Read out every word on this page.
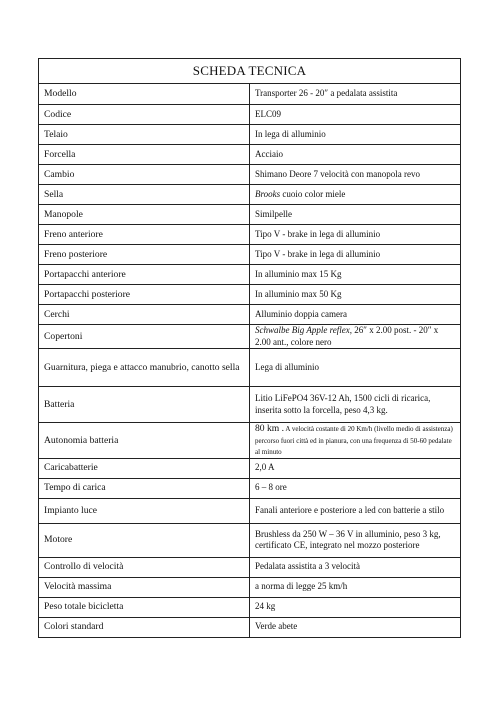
SCHEDA TECNICA	
Modello	Transporter 26 - 20″ a pedalata assistita
Codice	ELC09
Telaio	In lega di alluminio
Forcella	Acciaio
Cambio	Shimano Deore 7 velocità con manopola revo
Sella	Brooks cuoio color miele
Manopole	Similpelle
Freno anteriore	Tipo V - brake in lega di alluminio
Freno posteriore	Tipo V - brake in lega di alluminio
Portapacchi anteriore	In alluminio max 15 Kg
Portapacchi posteriore	In alluminio max 50 Kg
Cerchi	Alluminio doppia camera
Copertoni	Schwalbe Big Apple reflex, 26″ x 2.00 post. - 20″ x 2.00 ant., colore nero
Guarnitura, piega e attacco manubrio, canotto sella	Lega di alluminio
Batteria	Litio LiFePO4 36V-12 Ah, 1500 cicli di ricarica, inserita sotto la forcella, peso 4,3 kg.
Autonomia batteria	80 km . A velocità costante di 20 Km/h (livello medio di assistenza) percorso fuori città ed in pianura, con una frequenza di 50-60 pedalate al minuto
Caricabatterie	2,0 A
Tempo di carica	6 – 8 ore
Impianto luce	Fanali anteriore e posteriore a led con batterie a stilo
Motore	Brushless da 250 W – 36 V in alluminio, peso 3 kg, certificato CE, integrato nel mozzo posteriore
Controllo di velocità	Pedalata assistita a 3 velocità
Velocità massima	a norma di legge 25 km/h
Peso totale bicicletta	24 kg
Colori standard	Verde abete
